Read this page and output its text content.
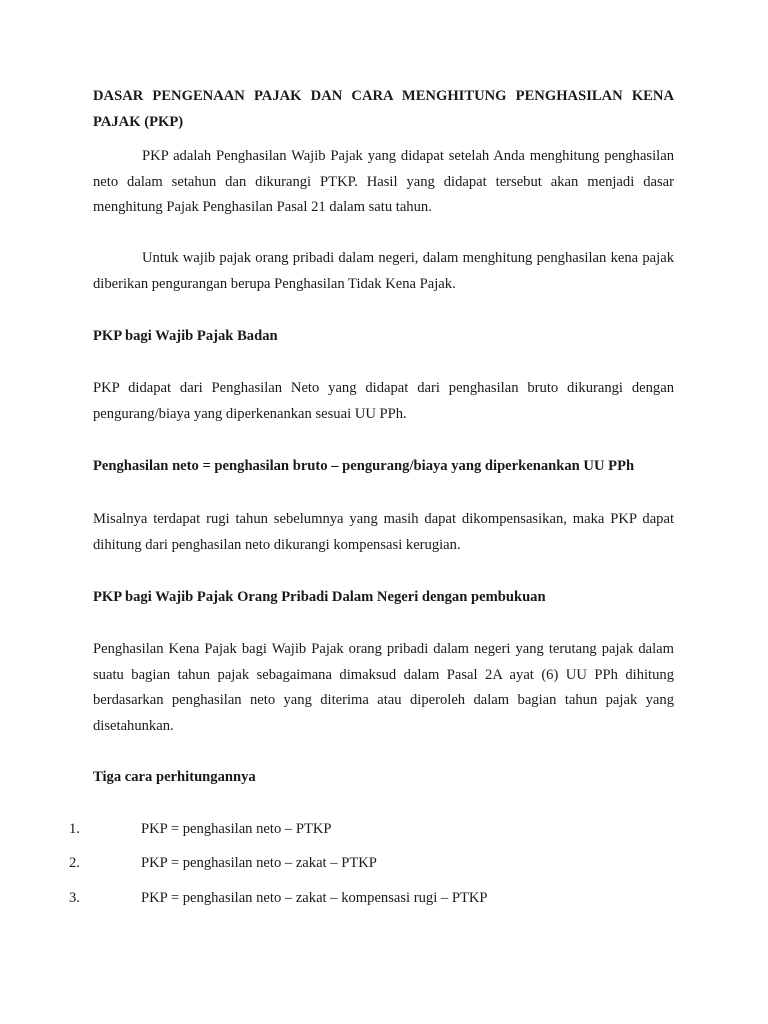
DASAR PENGENAAN PAJAK DAN CARA MENGHITUNG PENGHASILAN KENA PAJAK (PKP)

PKP adalah Penghasilan Wajib Pajak yang didapat setelah Anda menghitung penghasilan neto dalam setahun dan dikurangi PTKP. Hasil yang didapat tersebut akan menjadi dasar menghitung Pajak Penghasilan Pasal 21 dalam satu tahun.

Untuk wajib pajak orang pribadi dalam negeri, dalam menghitung penghasilan kena pajak diberikan pengurangan berupa Penghasilan Tidak Kena Pajak.

PKP bagi Wajib Pajak Badan

PKP didapat dari Penghasilan Neto yang didapat dari penghasilan bruto dikurangi dengan pengurang/biaya yang diperkenankan sesuai UU PPh.

Penghasilan neto = penghasilan bruto – pengurang/biaya yang diperkenankan UU PPh

Misalnya terdapat rugi tahun sebelumnya yang masih dapat dikompensasikan, maka PKP dapat dihitung dari penghasilan neto dikurangi kompensasi kerugian.

PKP bagi Wajib Pajak Orang Pribadi Dalam Negeri dengan pembukuan

Penghasilan Kena Pajak bagi Wajib Pajak orang pribadi dalam negeri yang terutang pajak dalam suatu bagian tahun pajak sebagaimana dimaksud dalam Pasal 2A ayat (6) UU PPh dihitung berdasarkan penghasilan neto yang diterima atau diperoleh dalam bagian tahun pajak yang disetahunkan.

Tiga cara perhitungannya

1.	PKP = penghasilan neto – PTKP
2.	PKP = penghasilan neto – zakat – PTKP
3.	PKP = penghasilan neto – zakat – kompensasi rugi – PTKP
